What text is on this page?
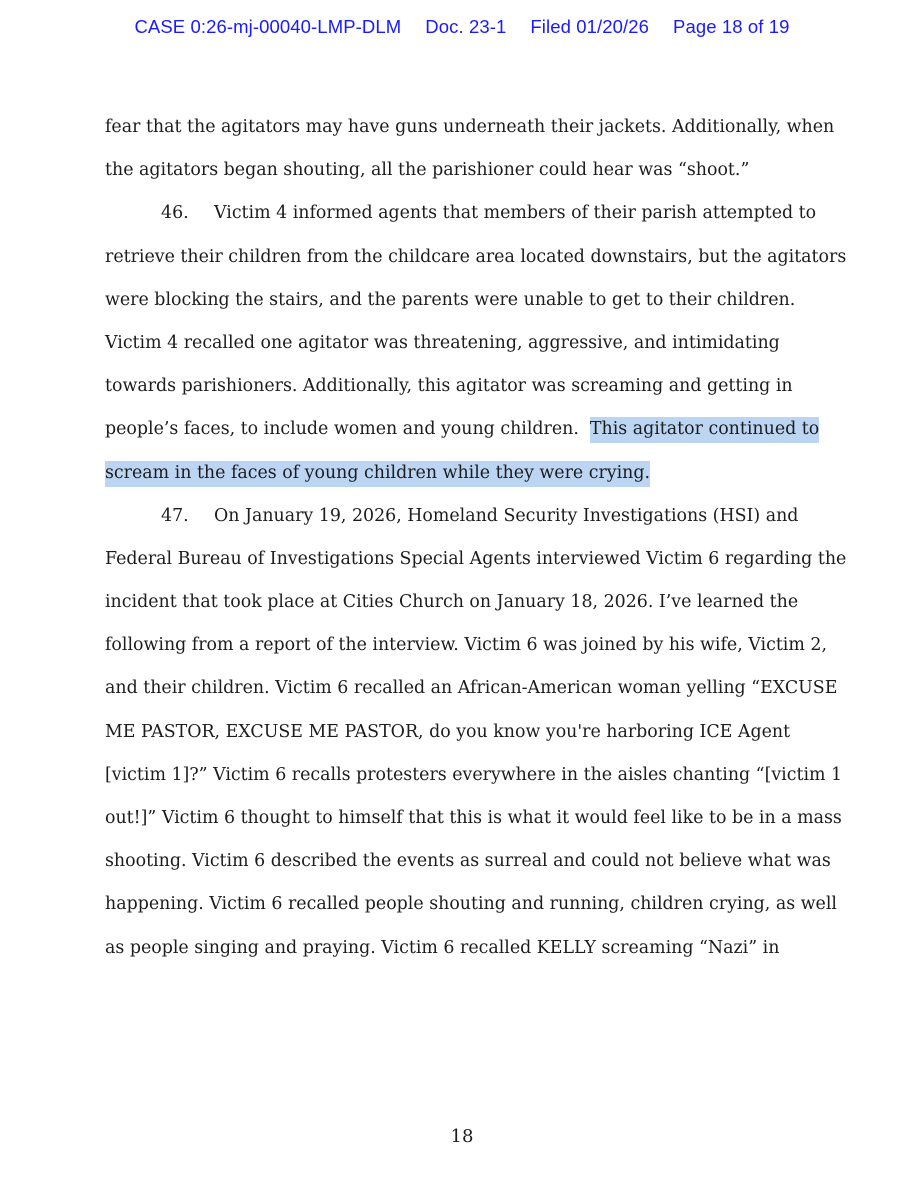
CASE 0:26-mj-00040-LMP-DLM Doc. 23-1 Filed 01/20/26 Page 18 of 19
fear that the agitators may have guns underneath their jackets. Additionally, when
the agitators began shouting, all the parishioner could hear was “shoot.”
46. Victim 4 informed agents that members of their parish attempted to
retrieve their children from the childcare area located downstairs, but the agitators
were blocking the stairs, and the parents were unable to get to their children.
Victim 4 recalled one agitator was threatening, aggressive, and intimidating
towards parishioners. Additionally, this agitator was screaming and getting in
people’s faces, to include women and young children.  This agitator continued to
scream in the faces of young children while they were crying.
47. On January 19, 2026, Homeland Security Investigations (HSI) and
Federal Bureau of Investigations Special Agents interviewed Victim 6 regarding the
incident that took place at Cities Church on January 18, 2026. I’ve learned the
following from a report of the interview. Victim 6 was joined by his wife, Victim 2,
and their children. Victim 6 recalled an African-American woman yelling “EXCUSE
ME PASTOR, EXCUSE ME PASTOR, do you know you're harboring ICE Agent
[victim 1]?” Victim 6 recalls protesters everywhere in the aisles chanting “[victim 1
out!]” Victim 6 thought to himself that this is what it would feel like to be in a mass
shooting. Victim 6 described the events as surreal and could not believe what was
happening. Victim 6 recalled people shouting and running, children crying, as well
as people singing and praying. Victim 6 recalled KELLY screaming “Nazi” in
18
